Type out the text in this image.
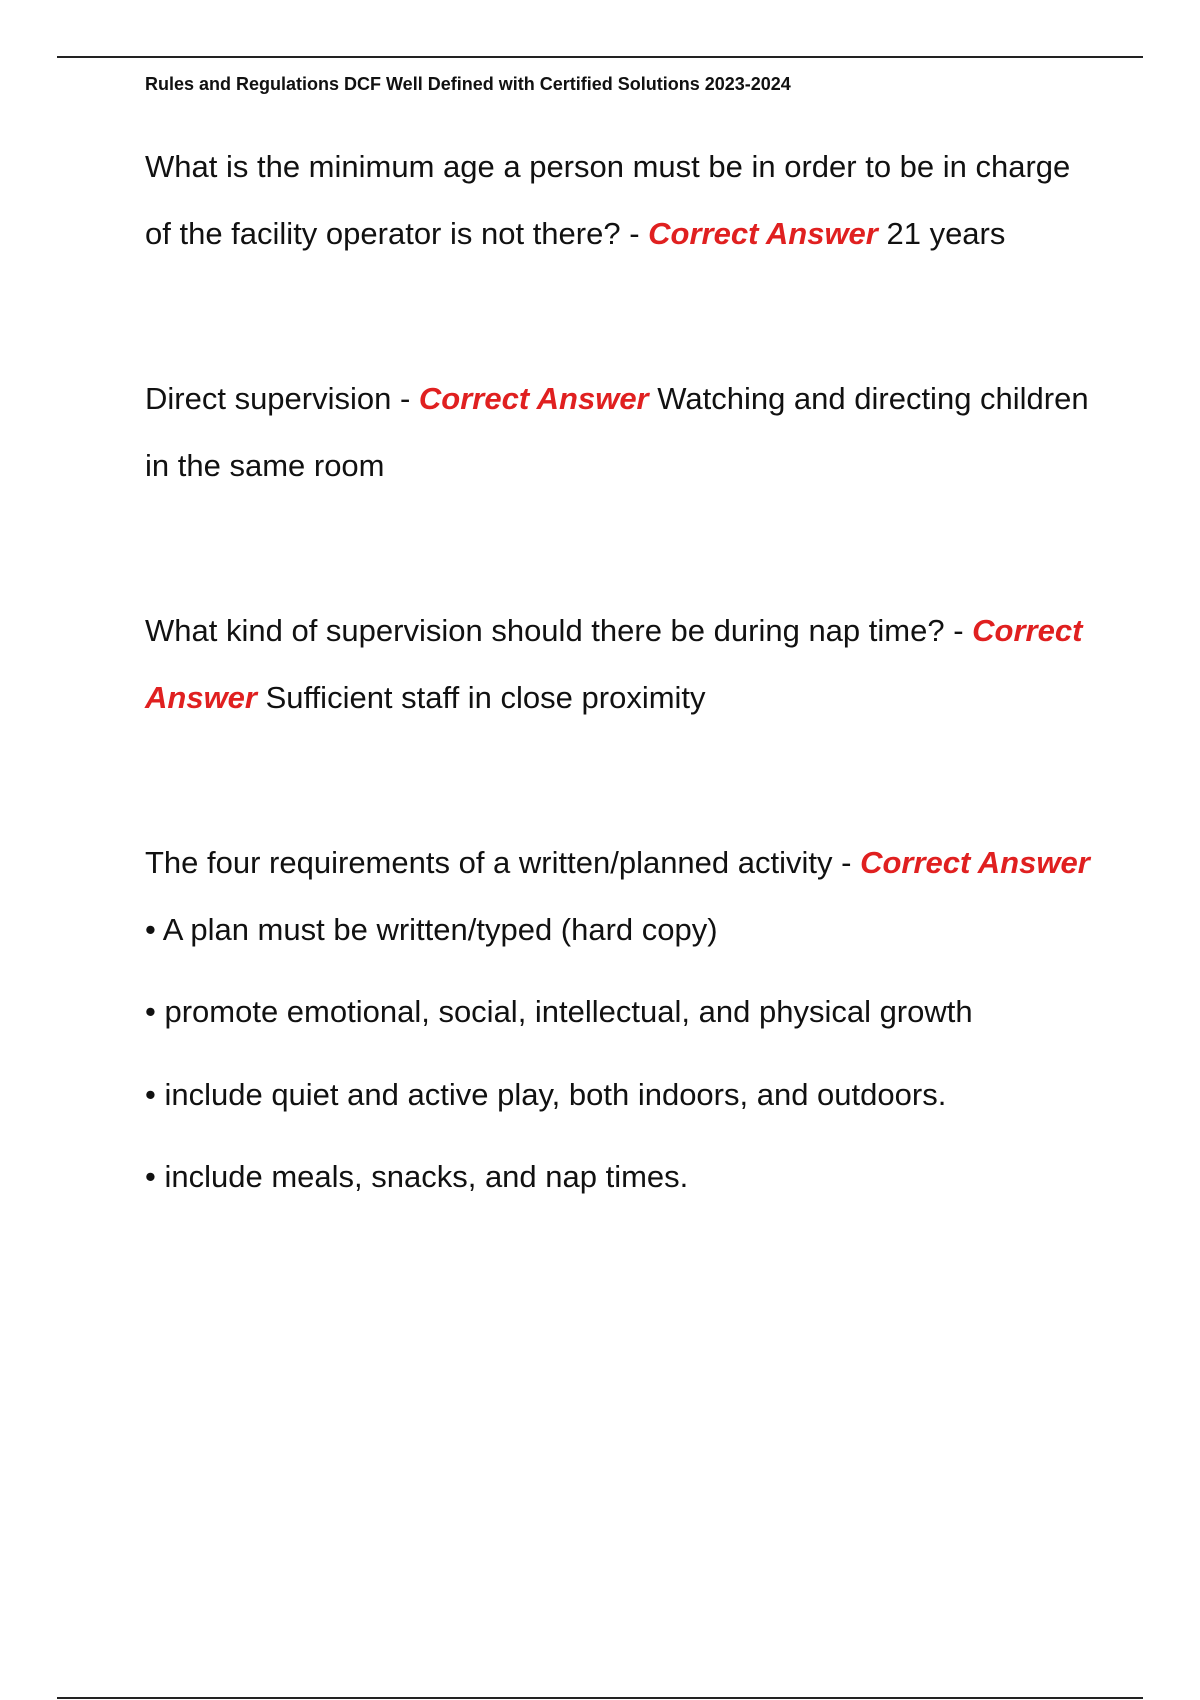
Rules and Regulations DCF Well Defined with Certified Solutions 2023-2024

What is the minimum age a person must be in order to be in charge of the facility operator is not there? - Correct Answer 21 years

Direct supervision - Correct Answer Watching and directing children in the same room

What kind of supervision should there be during nap time? - Correct Answer Sufficient staff in close proximity

The four requirements of a written/planned activity - Correct Answer • A plan must be written/typed (hard copy)

• promote emotional, social, intellectual, and physical growth

• include quiet and active play, both indoors, and outdoors.

• include meals, snacks, and nap times.
